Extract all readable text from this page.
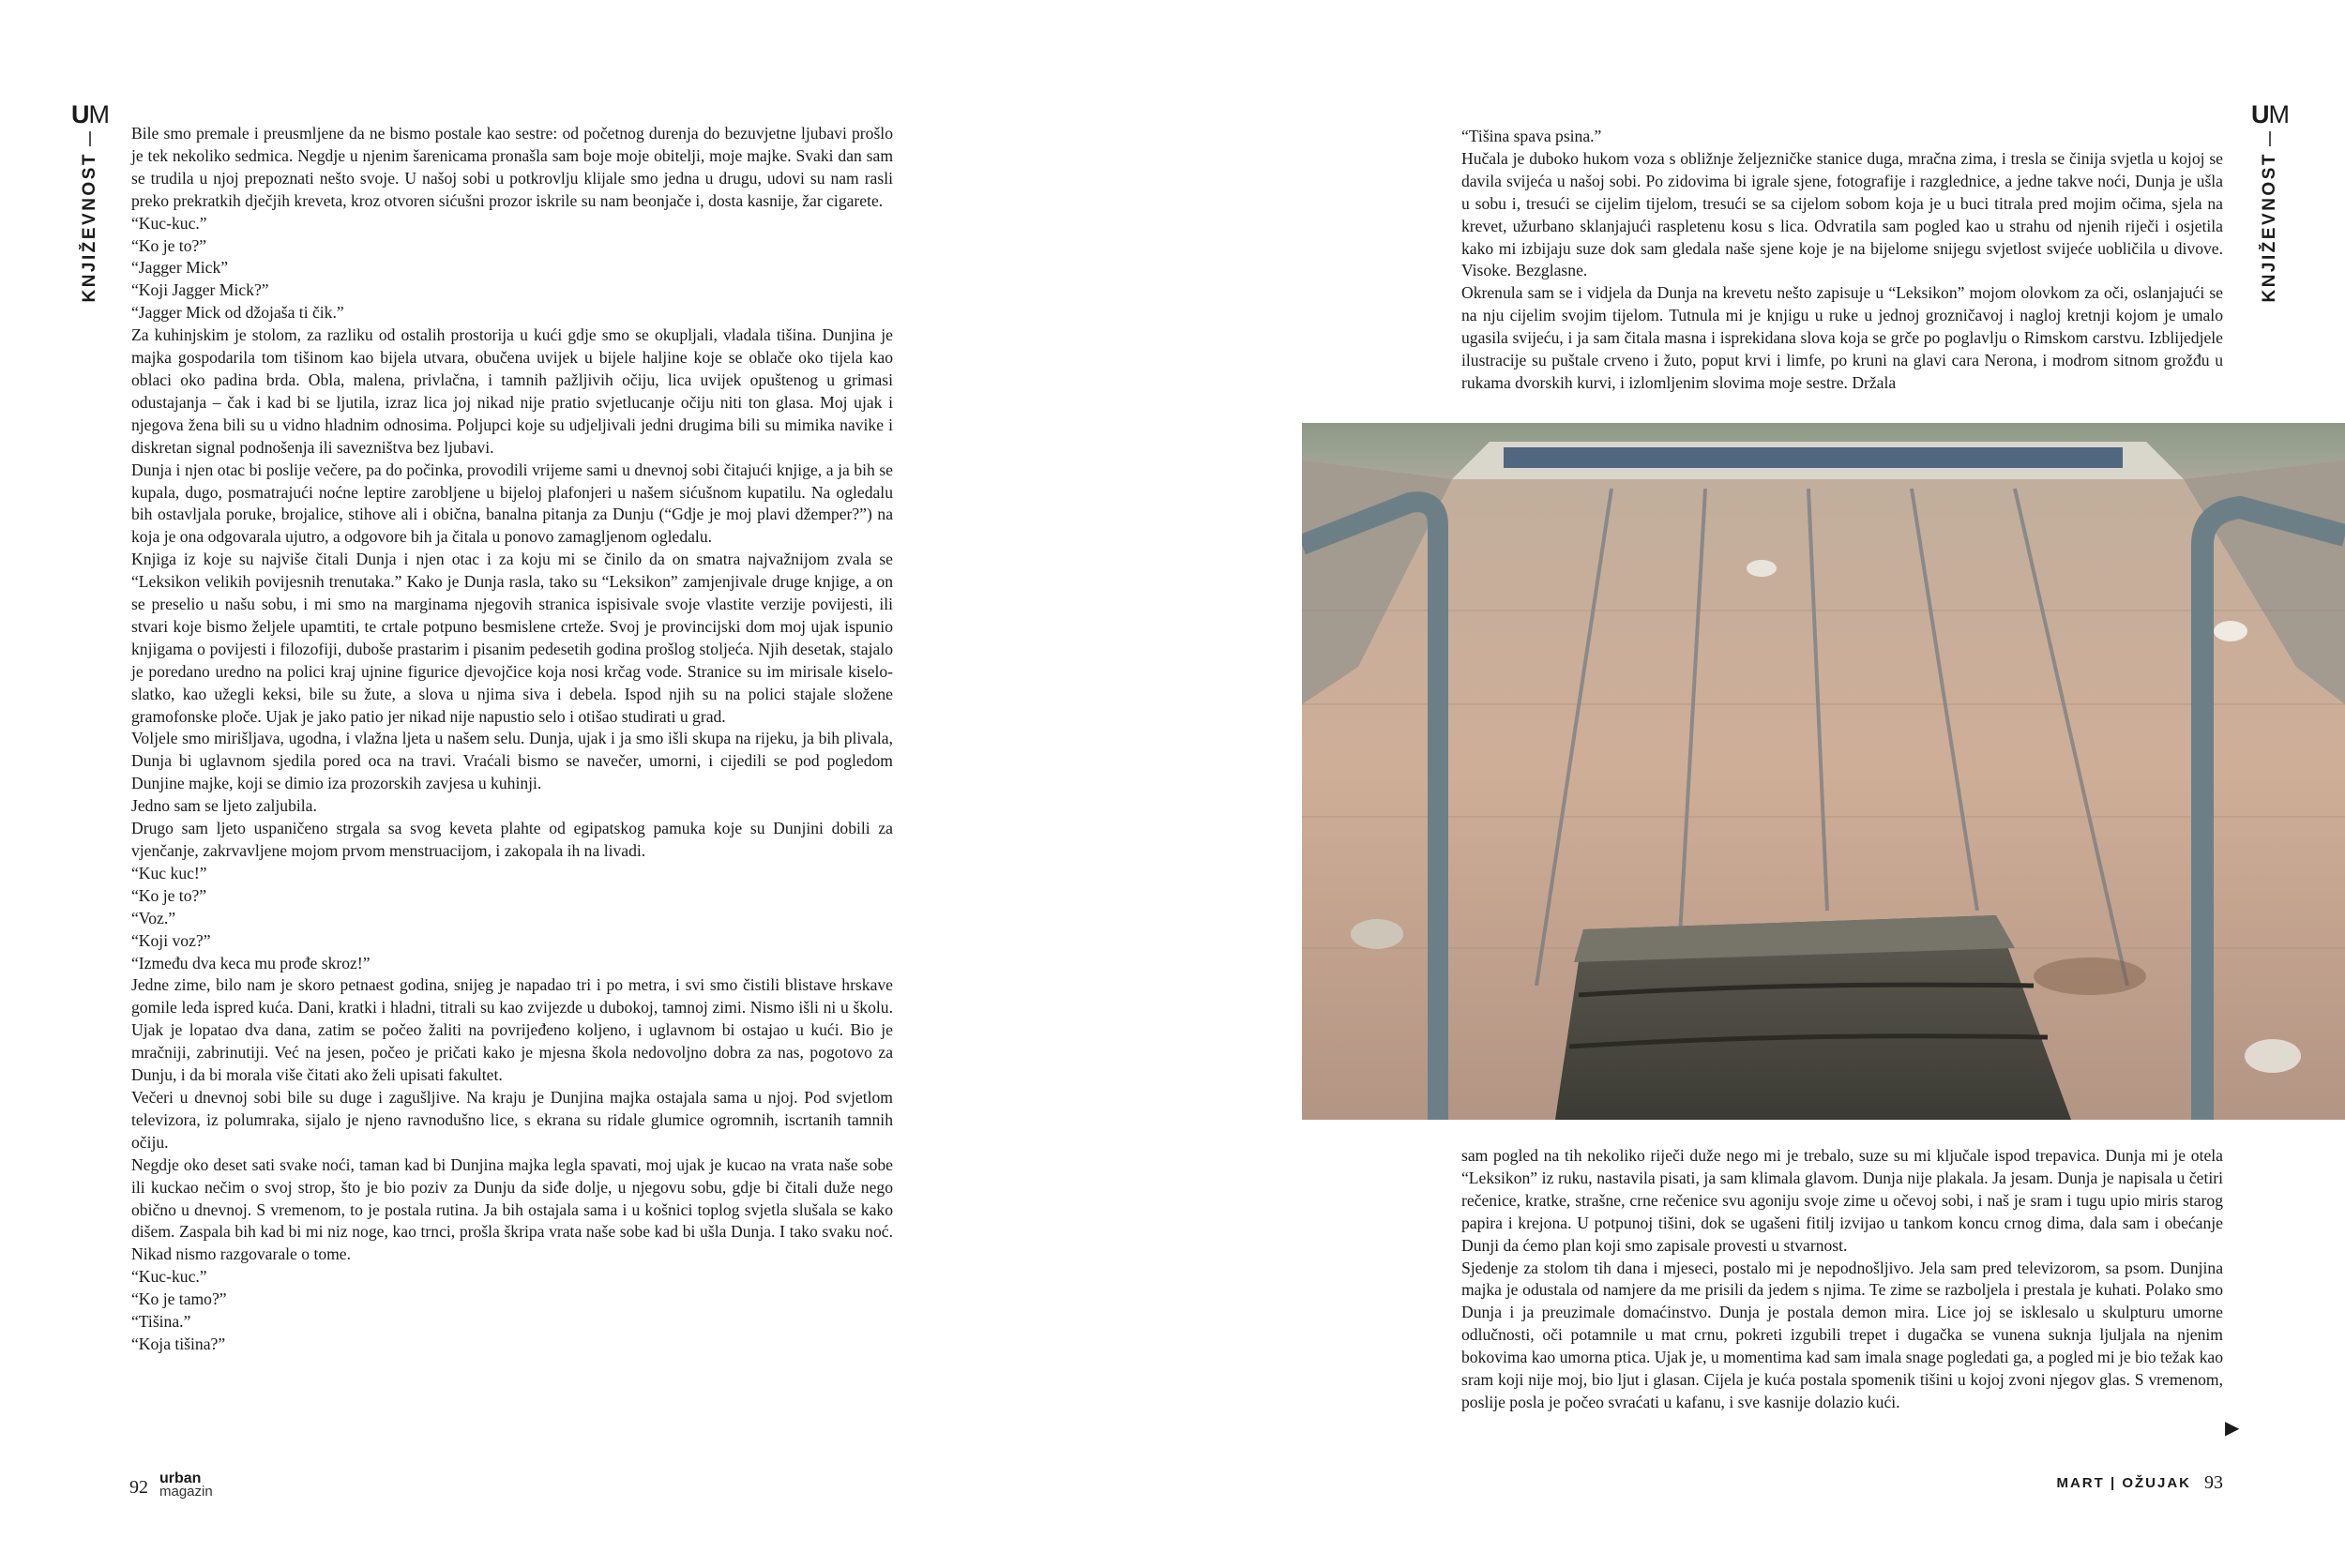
UM
KNJIŽEVNOST

Bile smo premale i preusmljene da ne bismo postale kao sestre: od početnog durenja do bezuvjetne ljubavi prošlo je tek nekoliko sedmica. Negdje u njenim šarenicama pronašla sam boje moje obitelji, moje majke. Svaki dan sam se trudila u njoj prepoznati nešto svoje. U našoj sobi u potkrovlju klijale smo jedna u drugu, udovi su nam rasli preko prekratkih dječjih kreveta, kroz otvoren sićušni prozor iskrile su nam beonjače i, dosta kasnije, žar cigarete.

“Kuc-kuc.”

“Ko je to?”

“Jagger Mick”

“Koji Jagger Mick?”

“Jagger Mick od džojaša ti čik.”

Za kuhinjskim je stolom, za razliku od ostalih prostorija u kući gdje smo se okupljali, vladala tišina. Dunjina je majka gospodarila tom tišinom kao bijela utvara, obučena uvijek u bijele haljine koje se oblače oko tijela kao oblaci oko padina brda. Obla, malena, privlačna, i tamnih pažljivih očiju, lica uvijek opuštenog u grimasi odustajanja – čak i kad bi se ljutila, izraz lica joj nikad nije pratio svjetlucanje očiju niti ton glasa. Moj ujak i njegova žena bili su u vidno hladnim odnosima. Poljupci koje su udjeljivali jedni drugima bili su mimika navike i diskretan signal podnošenja ili savezništva bez ljubavi.

Dunja i njen otac bi poslije večere, pa do počinka, provodili vrijeme sami u dnevnoj sobi čitajući knjige, a ja bih se kupala, dugo, posmatrajući noćne leptire zarobljene u bijeloj plafonjeri u našem sićušnom kupatilu. Na ogledalu bih ostavljala poruke, brojalice, stihove ali i obična, banalna pitanja za Dunju (“Gdje je moj plavi džemper?”) na koja je ona odgovarala ujutro, a odgovore bih ja čitala u ponovo zamagljenom ogledalu.

Knjiga iz koje su najviše čitali Dunja i njen otac i za koju mi se činilo da on smatra najvažnijom zvala se “Leksikon velikih povijesnih trenutaka.” Kako je Dunja rasla, tako su “Leksikon” zamjenjivale druge knjige, a on se preselio u našu sobu, i mi smo na marginama njegovih stranica ispisivale svoje vlastite verzije povijesti, ili stvari koje bismo željele upamtiti, te crtale potpuno besmislene crteže. Svoj je provincijski dom moj ujak ispunio knjigama o povijesti i filozofiji, duboše prastarim i pisanim pedesetih godina prošlog stoljeća. Njih desetak, stajalo je poredano uredno na polici kraj ujnine figurice djevojčice koja nosi krčag vode. Stranice su im mirisale kiselo-slatko, kao užegli keksi, bile su žute, a slova u njima siva i debela. Ispod njih su na polici stajale složene gramofonske ploče. Ujak je jako patio jer nikad nije napustio selo i otišao studirati u grad.

Voljele smo mirišljava, ugodna, i vlažna ljeta u našem selu. Dunja, ujak i ja smo išli skupa na rijeku, ja bih plivala, Dunja bi uglavnom sjedila pored oca na travi. Vraćali bismo se navečer, umorni, i cijedili se pod pogledom Dunjine majke, koji se dimio iza prozorskih zavjesa u kuhinji.

Jedno sam se ljeto zaljubila.

Drugo sam ljeto uspaničeno strgala sa svog keveta plahte od egipatskog pamuka koje su Dunjini dobili za vjenčanje, zakrvavljene mojom prvom menstruacijom, i zakopala ih na livadi.

“Kuc kuc!”

“Ko je to?”

“Voz.”

“Koji voz?”

“Između dva keca mu prođe skroz!”

Jedne zime, bilo nam je skoro petnaest godina, snijeg je napadao tri i po metra, i svi smo čistili blistave hrskave gomile leda ispred kuća. Dani, kratki i hladni, titrali su kao zvijezde u dubokoj, tamnoj zimi. Nismo išli ni u školu. Ujak je lopatao dva dana, zatim se počeo žaliti na povrijeđeno koljeno, i uglavnom bi ostajao u kući. Bio je mračniji, zabrinutiji. Već na jesen, počeo je pričati kako je mjesna škola nedovoljno dobra za nas, pogotovo za Dunju, i da bi morala više čitati ako želi upisati fakultet.

Večeri u dnevnoj sobi bile su duge i zagušljive. Na kraju je Dunjina majka ostajala sama u njoj. Pod svjetlom televizora, iz polumraka, sijalo je njeno ravnodušno lice, s ekrana su ridale glumice ogromnih, iscrtanih tamnih očiju.

Negdje oko deset sati svake noći, taman kad bi Dunjina majka legla spavati, moj ujak je kucao na vrata naše sobe ili kuckao nečim o svoj strop, što je bio poziv za Dunju da siđe dolje, u njegovu sobu, gdje bi čitali duže nego obično u dnevnoj. S vremenom, to je postala rutina. Ja bih ostajala sama i u košnici toplog svjetla slušala se kako dišem. Zaspala bih kad bi mi niz noge, kao trnci, prošla škripa vrata naše sobe kad bi ušla Dunja. I tako svaku noć. Nikad nismo razgovarale o tome.

“Kuc-kuc.”

“Ko je tamo?”

“Tišina.”

“Koja tišina?”

92 urban
magazin

“Tišina spava psina.”

Hučala je duboko hukom voza s obližnje željezničke stanice duga, mračna zima, i tresla se činija svjetla u kojoj se davila svijeća u našoj sobi. Po zidovima bi igrale sjene, fotografije i razglednice, a jedne takve noći, Dunja je ušla u sobu i, tresući se cijelim tijelom, tresući se sa cijelom sobom koja je u buci titrala pred mojim očima, sjela na krevet, užurbano sklanjajući raspletenu kosu s lica. Odvratila sam pogled kao u strahu od njenih riječi i osjetila kako mi izbijaju suze dok sam gledala naše sjene koje je na bijelome snijegu svjetlost svijeće uobličila u divove. Visoke. Bezglasne.

Okrenula sam se i vidjela da Dunja na krevetu nešto zapisuje u “Leksikon” mojom olovkom za oči, oslanjajući se na nju cijelim svojim tijelom. Tutnula mi je knjigu u ruke u jednoj grozničavoj i naglој kretnji kojom je umalo ugasila svijeću, i ja sam čitala masna i isprekidana slova koja se grče po poglavlju o Rimskom carstvu. Izblijedjele ilustracije su puštale crveno i žuto, poput krvi i limfe, po kruni na glavi cara Nerona, i modrom sitnom grožđu u rukama dvorskih kurvi, i izlomljenim slovima moje sestre. Držala

sam pogled na tih nekoliko riječi duže nego mi je trebalo, suze su mi ključale ispod trepavica. Dunja mi je otela “Leksikon” iz ruku, nastavila pisati, ja sam klimala glavom. Dunja nije plakala. Ja jesam. Dunja je napisala u četiri rečenice, kratke, strašne, crne rečenice svu agoniju svoje zime u očevoj sobi, i naš je sram i tugu upio miris starog papira i krejona. U potpunoj tišini, dok se ugašeni fitilj izvijao u tankom koncu crnog dima, dala sam i obećanje Dunji da ćemo plan koji smo zapisale provesti u stvarnost.

Sjedenje za stolom tih dana i mjeseci, postalo mi je nepodnošljivo. Jela sam pred televizorom, sa psom. Dunjina majka je odustala od namjere da me prisili da jedem s njima. Te zime se razboljela i prestala je kuhati. Polako smo Dunja i ja preuzimale domaćinstvo. Dunja je postala demon mira. Lice joj se isklesalo u skulpturu umorne odlučnosti, oči potamnile u mat crnu, pokreti izgubili trepet i dugačka se vunena suknja ljuljala na njenim bokovima kao umorna ptica. Ujak je, u momentima kad sam imala snage pogledati ga, a pogled mi je bio težak kao sram koji nije moj, bio ljut i glasan. Cijela je kuća postala spomenik tišini u kojoj zvoni njegov glas. S vremenom, poslije posla je počeo svraćati u kafanu, i sve kasnije dolazio kući.

▶
UM
KNJIŽEVNOST
MART | OŽUJAK 93
